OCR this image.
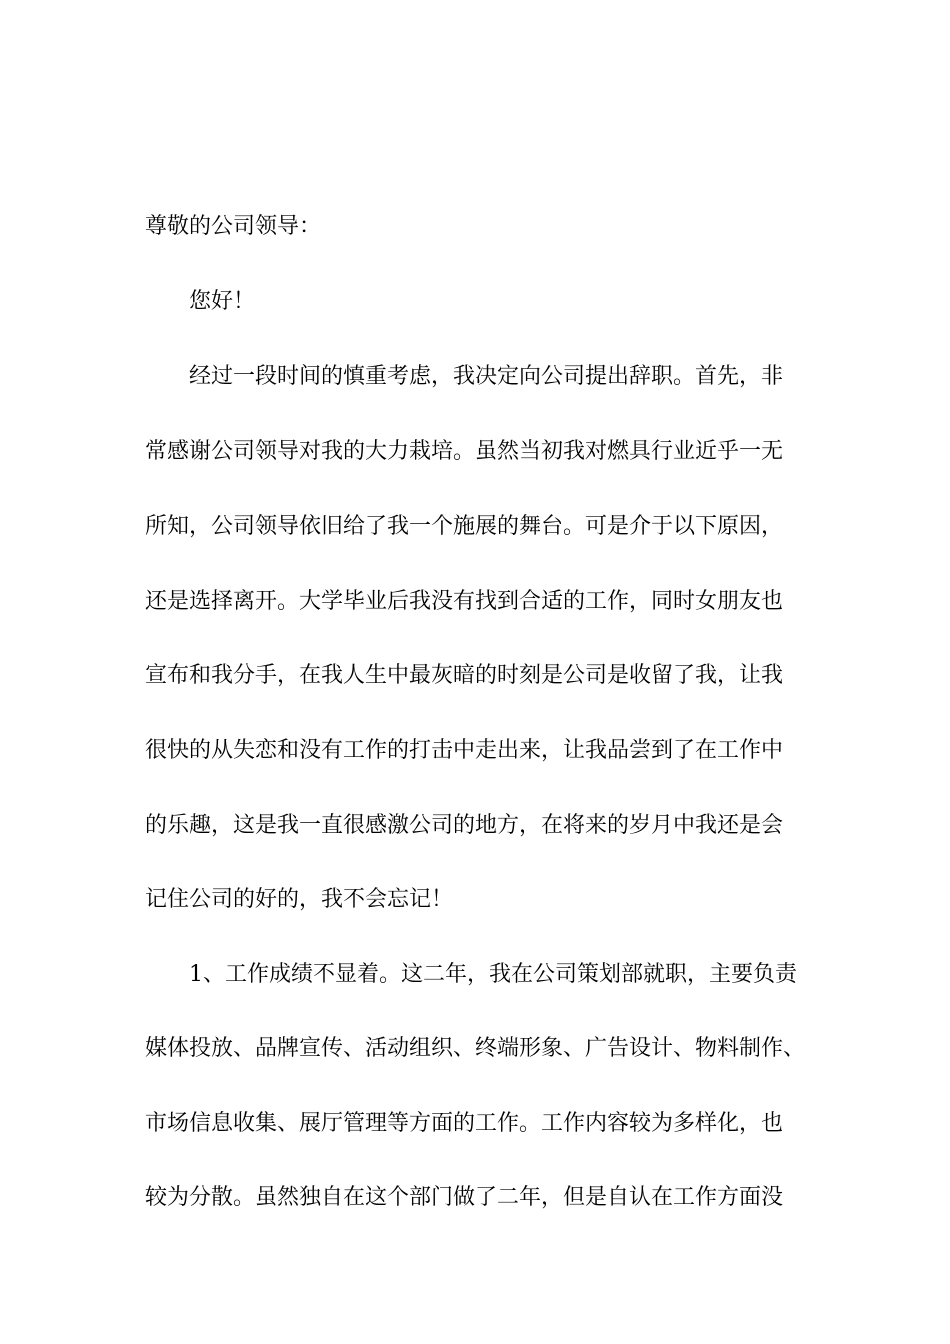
尊敬的公司领导：
您好！
经过一段时间的慎重考虑，我决定向公司提出辞职。首先，非
常感谢公司领导对我的大力栽培。虽然当初我对燃具行业近乎一无
所知，公司领导依旧给了我一个施展的舞台。可是介于以下原因，
还是选择离开。大学毕业后我没有找到合适的工作，同时女朋友也
宣布和我分手，在我人生中最灰暗的时刻是公司是收留了我，让我
很快的从失恋和没有工作的打击中走出来，让我品尝到了在工作中
的乐趣，这是我一直很感激公司的地方，在将来的岁月中我还是会
记住公司的好的，我不会忘记！
1、工作成绩不显着。这二年，我在公司策划部就职，主要负责
媒体投放、品牌宣传、活动组织、终端形象、广告设计、物料制作、
市场信息收集、展厅管理等方面的工作。工作内容较为多样化，也
较为分散。虽然独自在这个部门做了二年，但是自认在工作方面没
